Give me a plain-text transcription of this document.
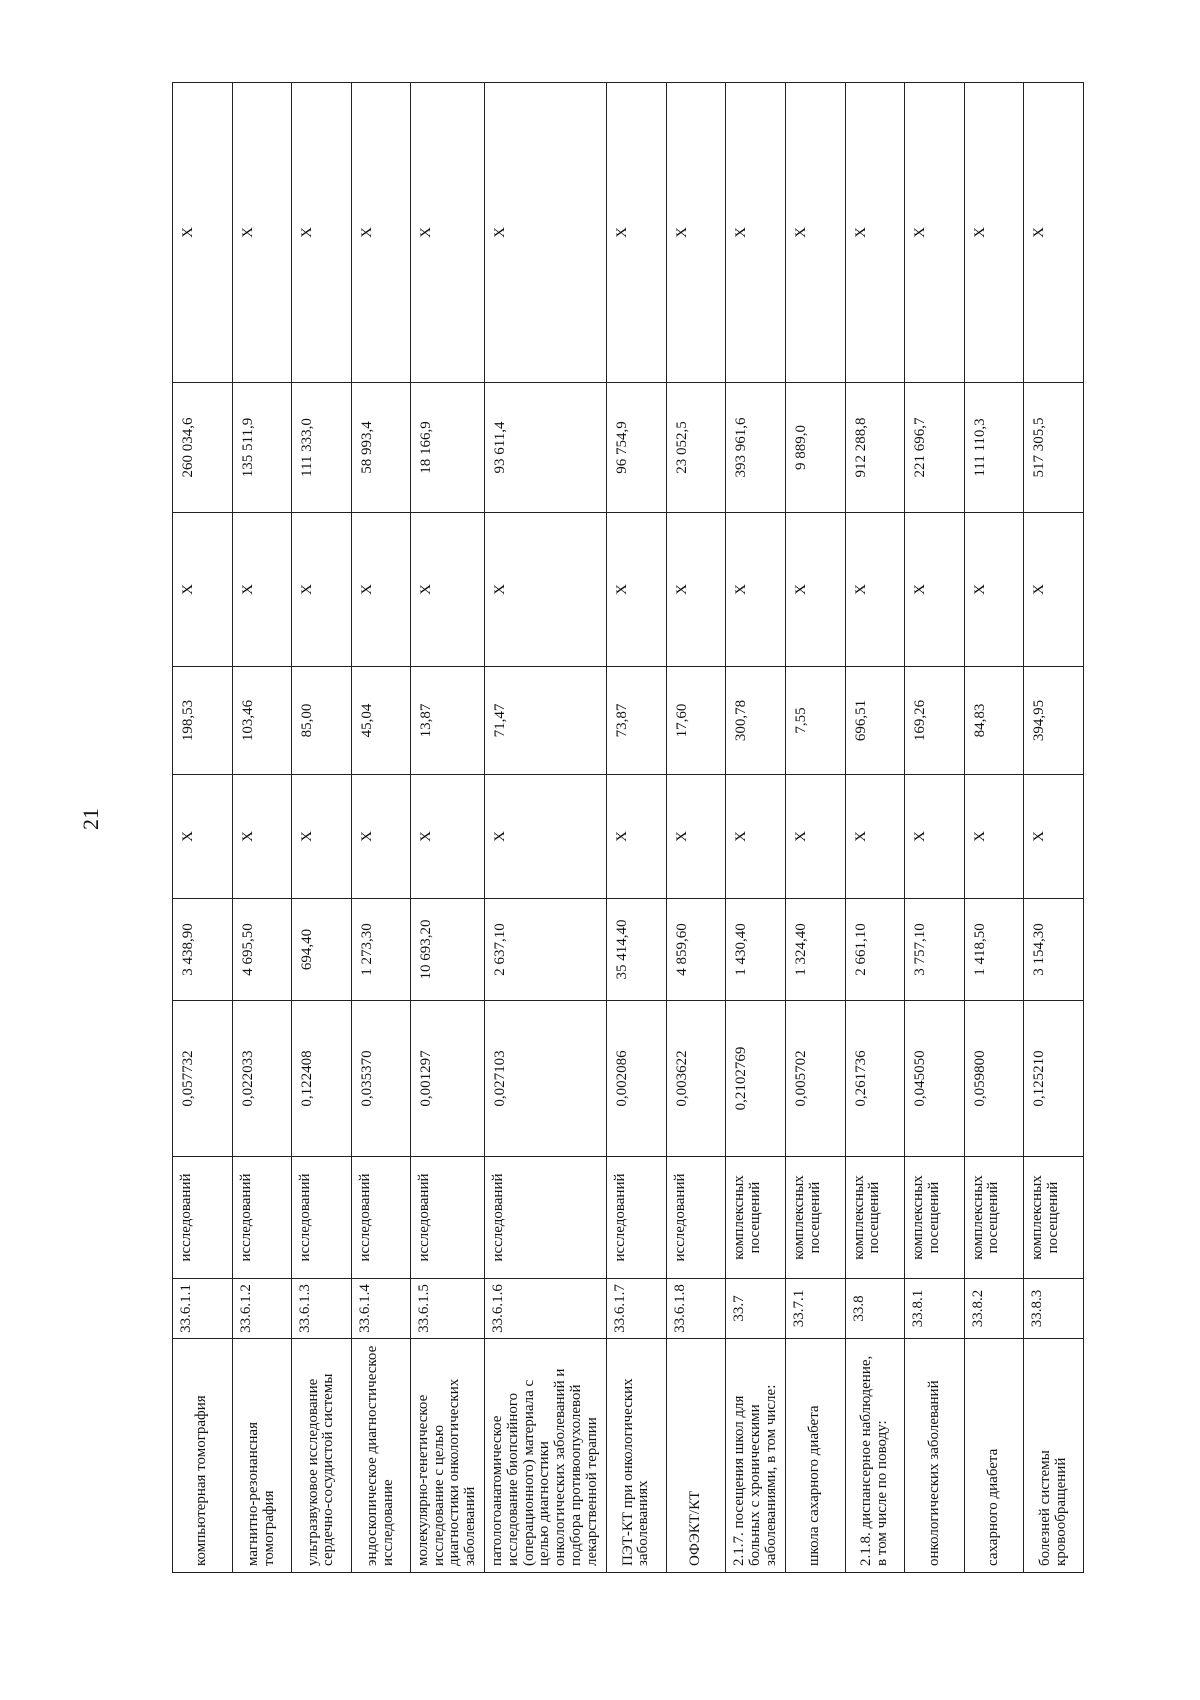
21
компьютерная томография	33.6.1.1	исследований	0,057732	3 438,90	X	198,53	X	260 034,6	X
магнитно-резонансная томография	33.6.1.2	исследований	0,022033	4 695,50	X	103,46	X	135 511,9	X
ультразвуковое исследование сердечно-сосудистой системы	33.6.1.3	исследований	0,122408	694,40	X	85,00	X	111 333,0	X
эндоскопическое диагностическое исследование	33.6.1.4	исследований	0,035370	1 273,30	X	45,04	X	58 993,4	X
молекулярно-генетическое исследование с целью диагностики онкологических заболеваний	33.6.1.5	исследований	0,001297	10 693,20	X	13,87	X	18 166,9	X
патологоанатомическое исследование биопсийного (операционного) материала с целью диагностики онкологических заболеваний и подбора противоопухолевой лекарственной терапии	33.6.1.6	исследований	0,027103	2 637,10	X	71,47	X	93 611,4	X
ПЭТ-КТ при онкологических заболеваниях	33.6.1.7	исследований	0,002086	35 414,40	X	73,87	X	96 754,9	X
ОФЭКТ/КТ	33.6.1.8	исследований	0,003622	4 859,60	X	17,60	X	23 052,5	X
2.1.7. посещения школ для больных с хроническими заболеваниями, в том числе:	33.7	комплексных посещений	0,2102769	1 430,40	X	300,78	X	393 961,6	X
школа сахарного диабета	33.7.1	комплексных посещений	0,005702	1 324,40	X	7,55	X	9 889,0	X
2.1.8. диспансерное наблюдение, в том числе по поводу:	33.8	комплексных посещений	0,261736	2 661,10	X	696,51	X	912 288,8	X
онкологических заболеваний	33.8.1	комплексных посещений	0,045050	3 757,10	X	169,26	X	221 696,7	X
сахарного диабета	33.8.2	комплексных посещений	0,059800	1 418,50	X	84,83	X	111 110,3	X
болезней системы кровообращений	33.8.3	комплексных посещений	0,125210	3 154,30	X	394,95	X	517 305,5	X
